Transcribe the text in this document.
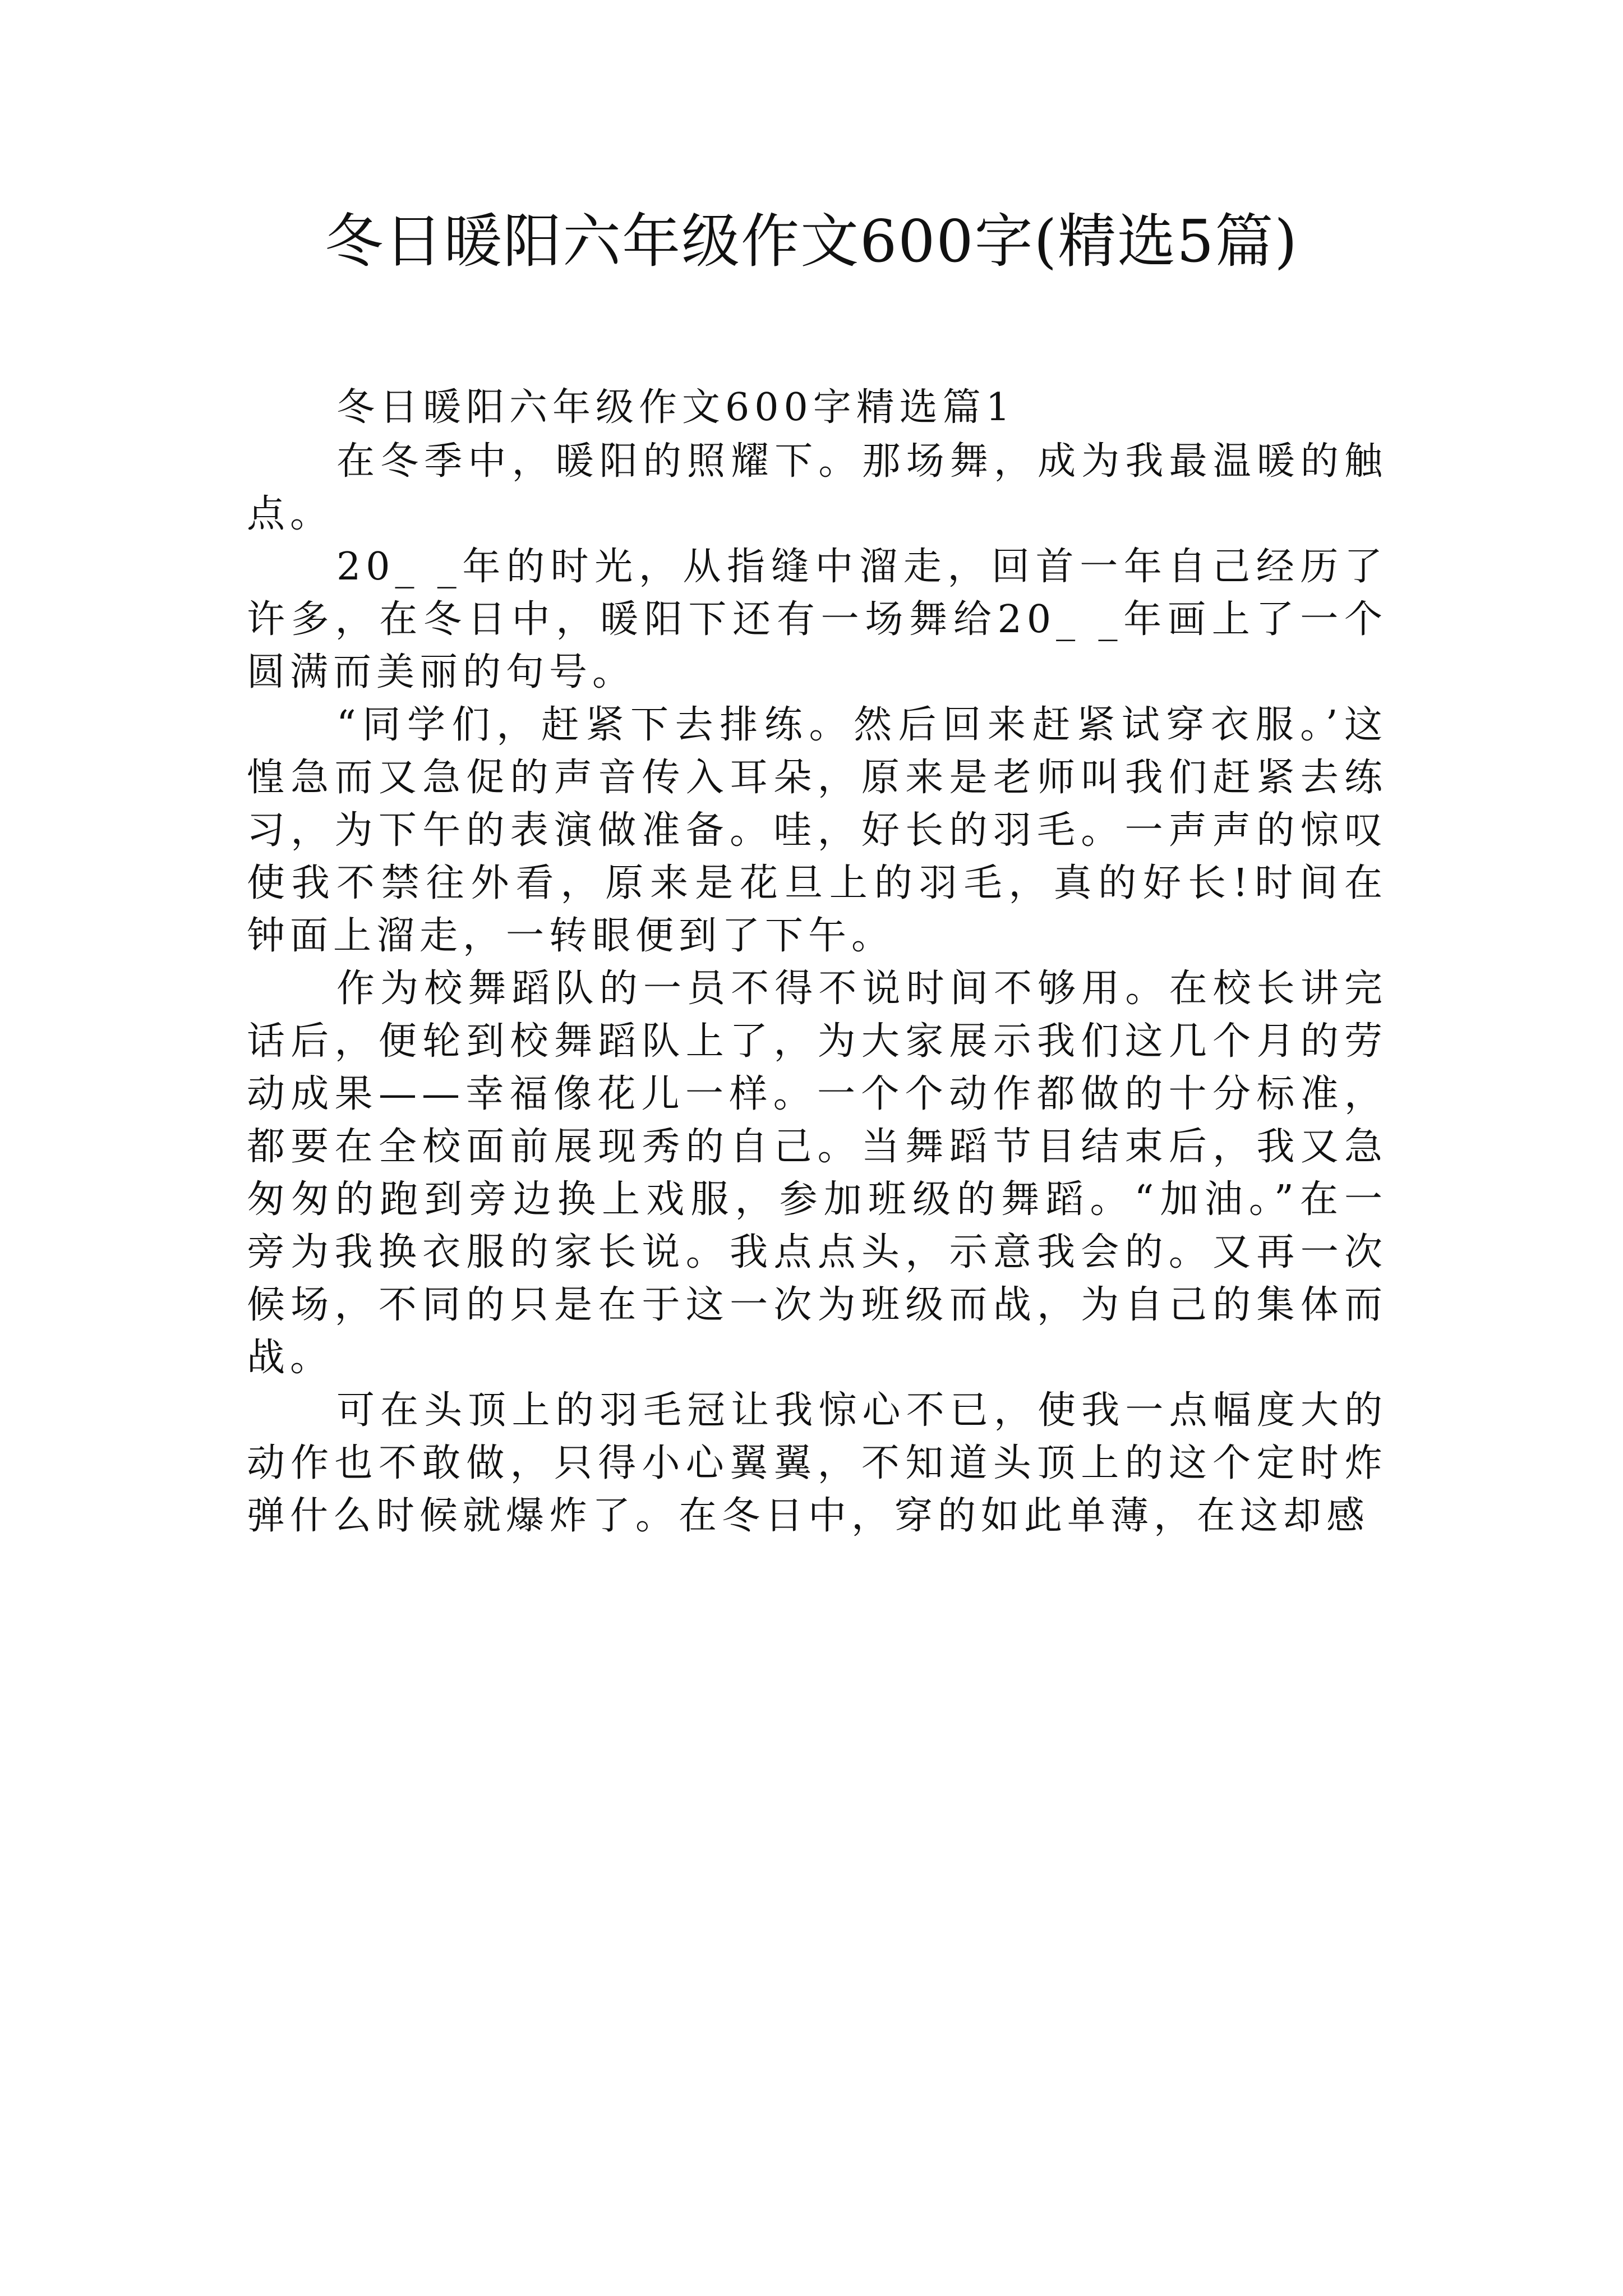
冬日暖阳六年级作文600字(精选5篇)

冬日暖阳六年级作文600字精选篇1

在冬季中，暖阳的照耀下。那场舞，成为我最温暖的触点。

20_ _年的时光，从指缝中溜走，回首一年自己经历了许多，在冬日中，暖阳下还有一场舞给20_ _年画上了一个圆满而美丽的句号。

“同学们，赶紧下去排练。然后回来赶紧试穿衣服。’这惶急而又急促的声音传入耳朵，原来是老师叫我们赶紧去练习，为下午的表演做准备。哇，好长的羽毛。一声声的惊叹使我不禁往外看，原来是花旦上的羽毛，真的好长!时间在钟面上溜走，一转眼便到了下午。

作为校舞蹈队的一员不得不说时间不够用。在校长讲完话后，便轮到校舞蹈队上了，为大家展示我们这几个月的劳动成果——幸福像花儿一样。一个个动作都做的十分标准，都要在全校面前展现秀的自己。当舞蹈节目结束后，我又急匆匆的跑到旁边换上戏服，参加班级的舞蹈。“加油。”在一旁为我换衣服的家长说。我点点头，示意我会的。又再一次候场，不同的只是在于这一次为班级而战，为自己的集体而战。

可在头顶上的羽毛冠让我惊心不已，使我一点幅度大的动作也不敢做，只得小心翼翼，不知道头顶上的这个定时炸弹什么时候就爆炸了。在冬日中，穿的如此单薄，在这却感
